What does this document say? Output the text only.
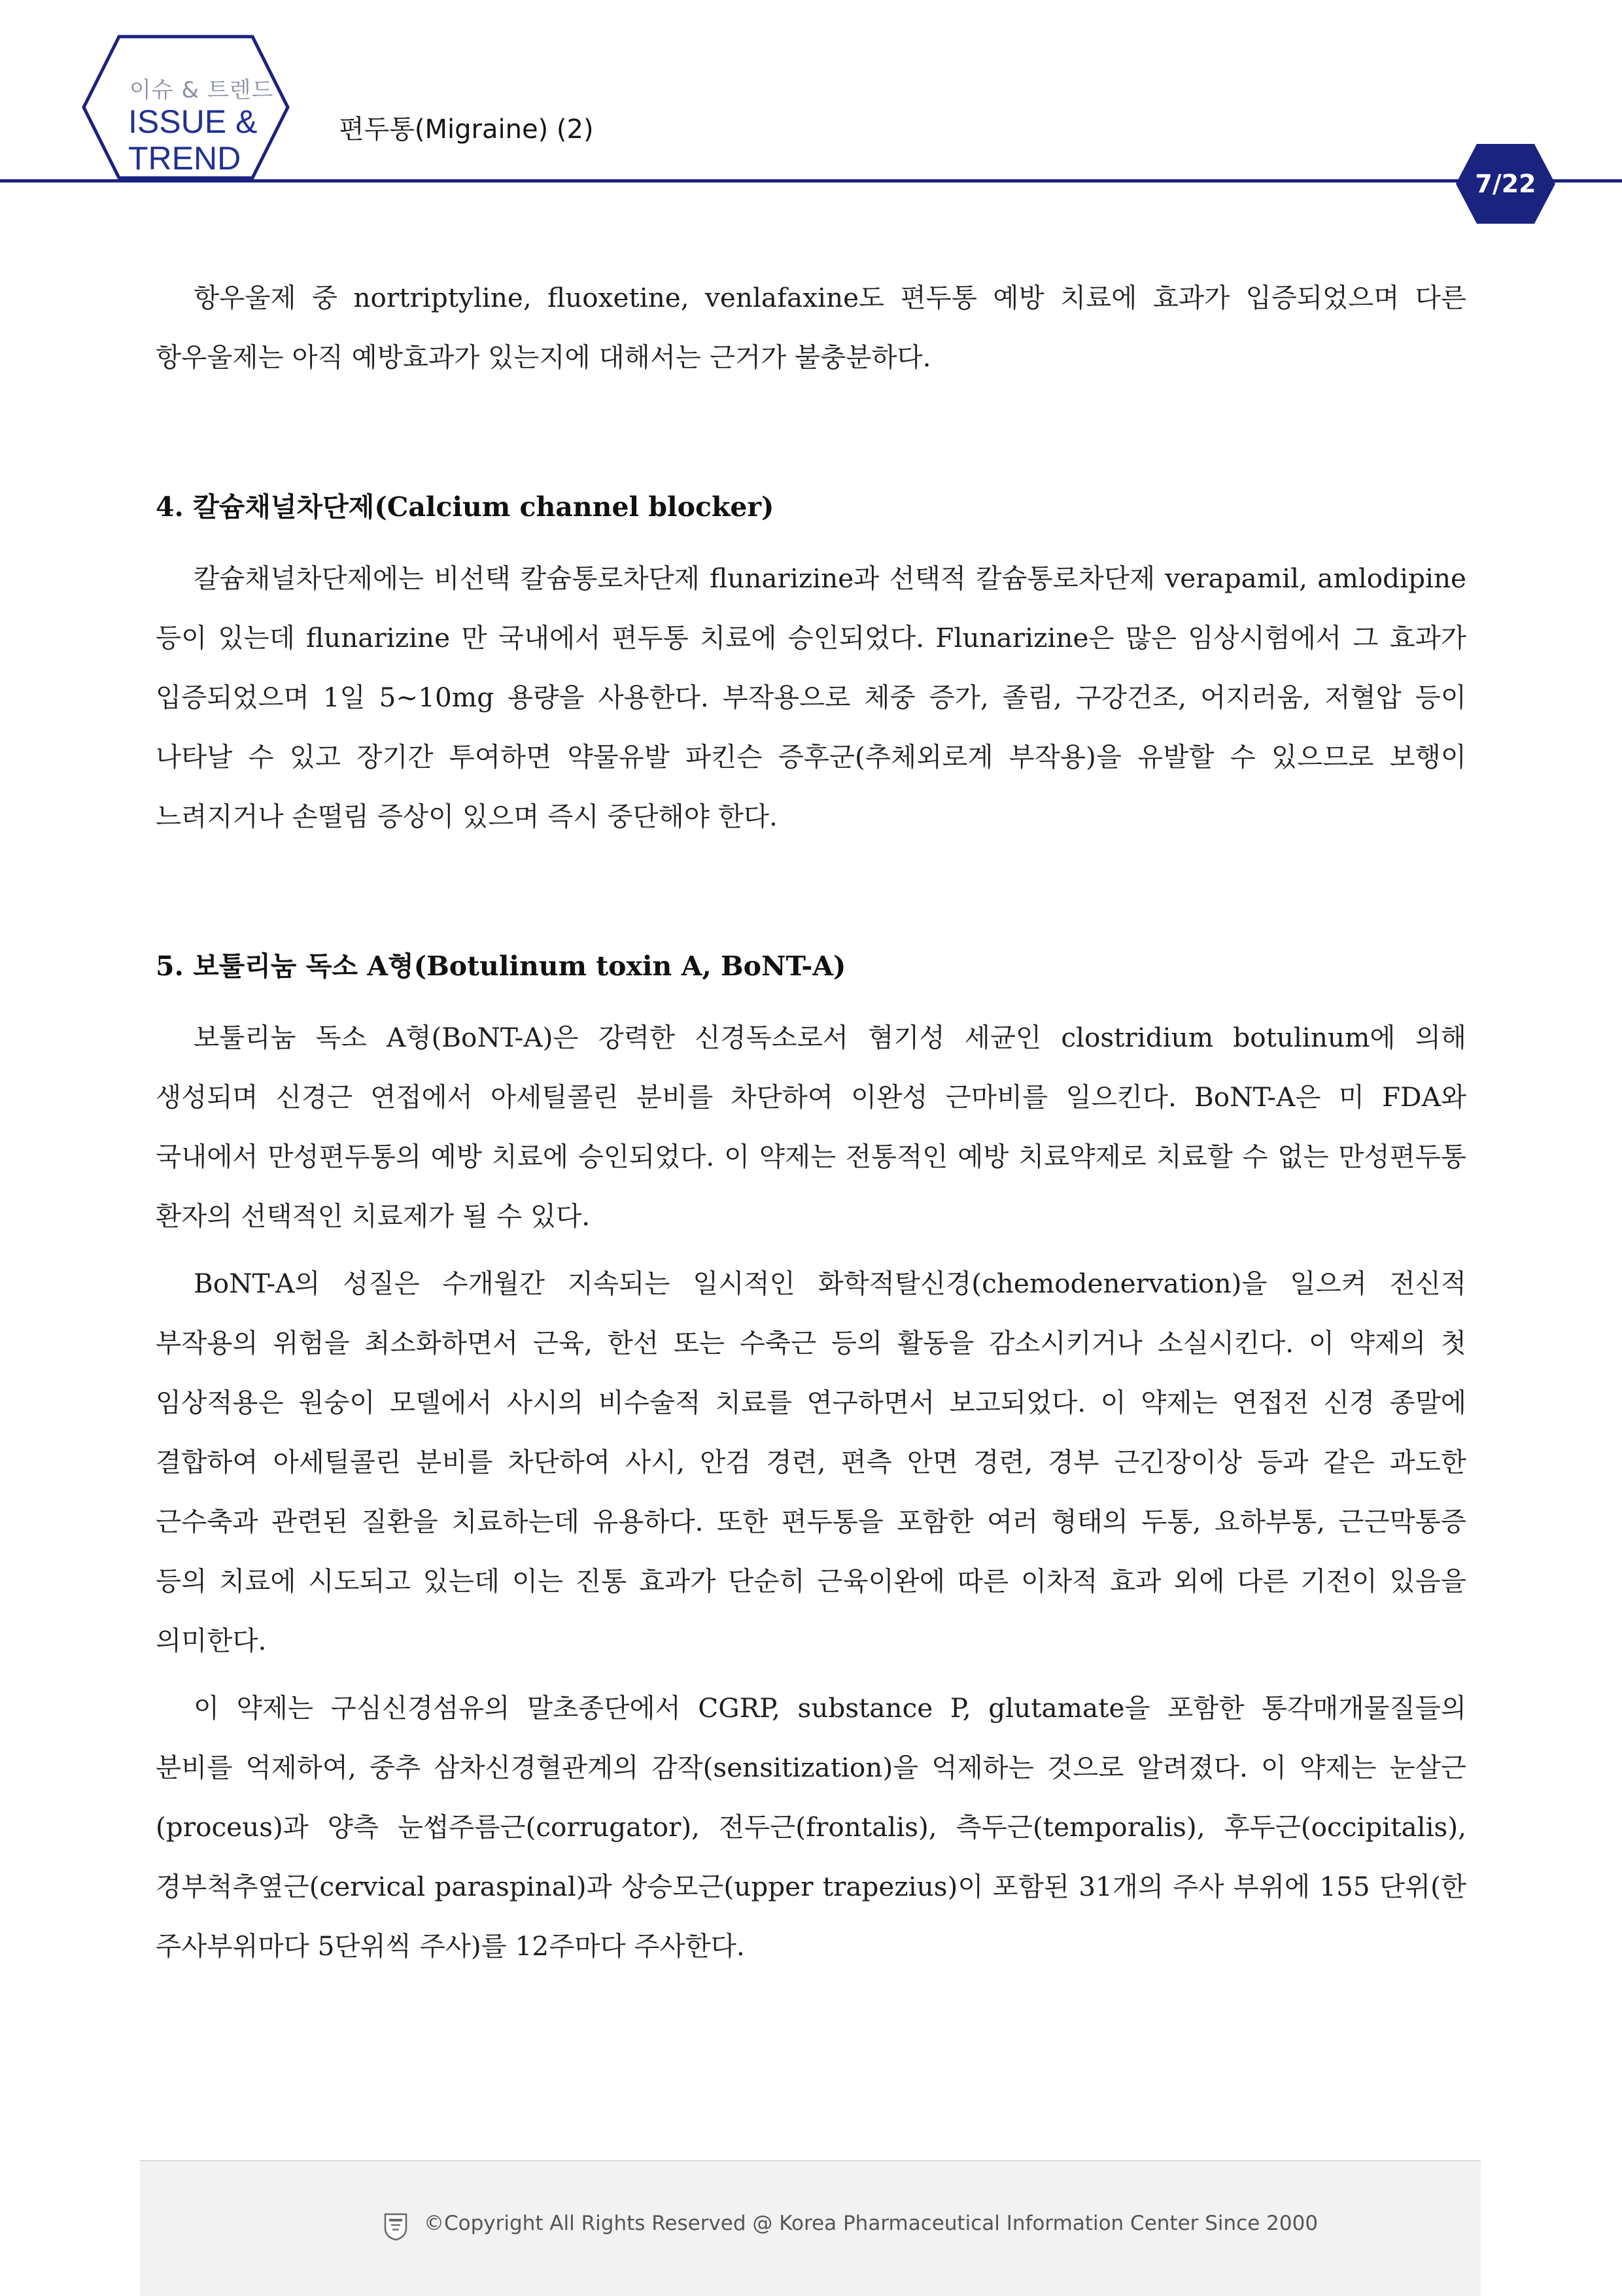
이슈 & 트렌드
ISSUE &
TREND
편두통(Migraine) (2)
7/22

항우울제 중 nortriptyline, fluoxetine, venlafaxine도 편두통 예방 치료에 효과가 입증되었으며 다른 항우울제는 아직 예방효과가 있는지에 대해서는 근거가 불충분하다.

4. 칼슘채널차단제(Calcium channel blocker)

칼슘채널차단제에는 비선택 칼슘통로차단제 flunarizine과 선택적 칼슘통로차단제 verapamil, amlodipine 등이 있는데 flunarizine 만 국내에서 편두통 치료에 승인되었다. Flunarizine은 많은 임상시험에서 그 효과가 입증되었으며 1일 5~10mg 용량을 사용한다. 부작용으로 체중 증가, 졸림, 구강건조, 어지러움, 저혈압 등이 나타날 수 있고 장기간 투여하면 약물유발 파킨슨 증후군(추체외로계 부작용)을 유발할 수 있으므로 보행이 느려지거나 손떨림 증상이 있으며 즉시 중단해야 한다.

5. 보툴리눔 독소 A형(Botulinum toxin A, BoNT-A)

보툴리눔 독소 A형(BoNT-A)은 강력한 신경독소로서 혐기성 세균인 clostridium botulinum에 의해 생성되며 신경근 연접에서 아세틸콜린 분비를 차단하여 이완성 근마비를 일으킨다. BoNT-A은 미 FDA와 국내에서 만성편두통의 예방 치료에 승인되었다. 이 약제는 전통적인 예방 치료약제로 치료할 수 없는 만성편두통 환자의 선택적인 치료제가 될 수 있다.

BoNT-A의 성질은 수개월간 지속되는 일시적인 화학적탈신경(chemodenervation)을 일으켜 전신적 부작용의 위험을 최소화하면서 근육, 한선 또는 수축근 등의 활동을 감소시키거나 소실시킨다. 이 약제의 첫 임상적용은 원숭이 모델에서 사시의 비수술적 치료를 연구하면서 보고되었다. 이 약제는 연접전 신경 종말에 결합하여 아세틸콜린 분비를 차단하여 사시, 안검 경련, 편측 안면 경련, 경부 근긴장이상 등과 같은 과도한 근수축과 관련된 질환을 치료하는데 유용하다. 또한 편두통을 포함한 여러 형태의 두통, 요하부통, 근근막통증 등의 치료에 시도되고 있는데 이는 진통 효과가 단순히 근육이완에 따른 이차적 효과 외에 다른 기전이 있음을 의미한다.

이 약제는 구심신경섬유의 말초종단에서 CGRP, substance P, glutamate을 포함한 통각매개물질들의 분비를 억제하여, 중추 삼차신경혈관계의 감작(sensitization)을 억제하는 것으로 알려졌다. 이 약제는 눈살근(proceus)과 양측 눈썹주름근(corrugator), 전두근(frontalis), 측두근(temporalis), 후두근(occipitalis), 경부척추옆근(cervical paraspinal)과 상승모근(upper trapezius)이 포함된 31개의 주사 부위에 155 단위(한 주사부위마다 5단위씩 주사)를 12주마다 주사한다.

©Copyright All Rights Reserved @ Korea Pharmaceutical Information Center Since 2000
